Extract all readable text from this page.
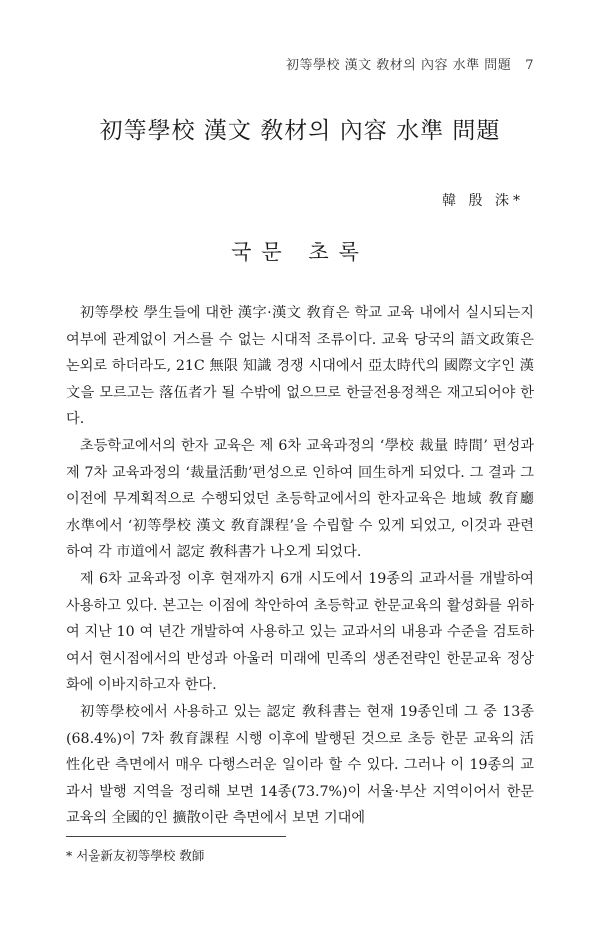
初等學校 漢文 敎材의 內容 水準 問題 7
初等學校 漢文 敎材의 內容 水準 問題
韓 殷 洙*
국문 초록

初等學校 學生들에 대한 漢字·漢文 敎育은 학교 교육 내에서 실시되는지 여부에 관계없이 거스를 수 없는 시대적 조류이다. 교육 당국의 語文政策은 논외로 하더라도, 21C 無限 知識 경쟁 시대에서 亞太時代의 國際文字인 漢文을 모르고는 落伍者가 될 수밖에 없으므로 한글전용정책은 재고되어야 한다.

초등학교에서의 한자 교육은 제 6차 교육과정의 ‘學校 裁量 時間’ 편성과 제 7차 교육과정의 ‘裁量活動’편성으로 인하여 回生하게 되었다. 그 결과 그 이전에 무계획적으로 수행되었던 초등학교에서의 한자교육은 地域 敎育廳 水準에서 ‘初等學校 漢文 敎育課程’을 수립할 수 있게 되었고, 이것과 관련하여 각 市道에서 認定 敎科書가 나오게 되었다.

제 6차 교육과정 이후 현재까지 6개 시도에서 19종의 교과서를 개발하여 사용하고 있다. 본고는 이점에 착안하여 초등학교 한문교육의 활성화를 위하여 지난 10 여 년간 개발하여 사용하고 있는 교과서의 내용과 수준을 검토하여서 현시점에서의 반성과 아울러 미래에 민족의 생존전략인 한문교육 정상화에 이바지하고자 한다.

初等學校에서 사용하고 있는 認定 敎科書는 현재 19종인데 그 중 13종(68.4%)이 7차 敎育課程 시행 이후에 발행된 것으로 초등 한문 교육의 活性化란 측면에서 매우 다행스러운 일이라 할 수 있다. 그러나 이 19종의 교과서 발행 지역을 정리해 보면 14종(73.7%)이 서울·부산 지역이어서 한문 교육의 全國的인 擴散이란 측면에서 보면 기대에

* 서울新友初等學校 敎師
